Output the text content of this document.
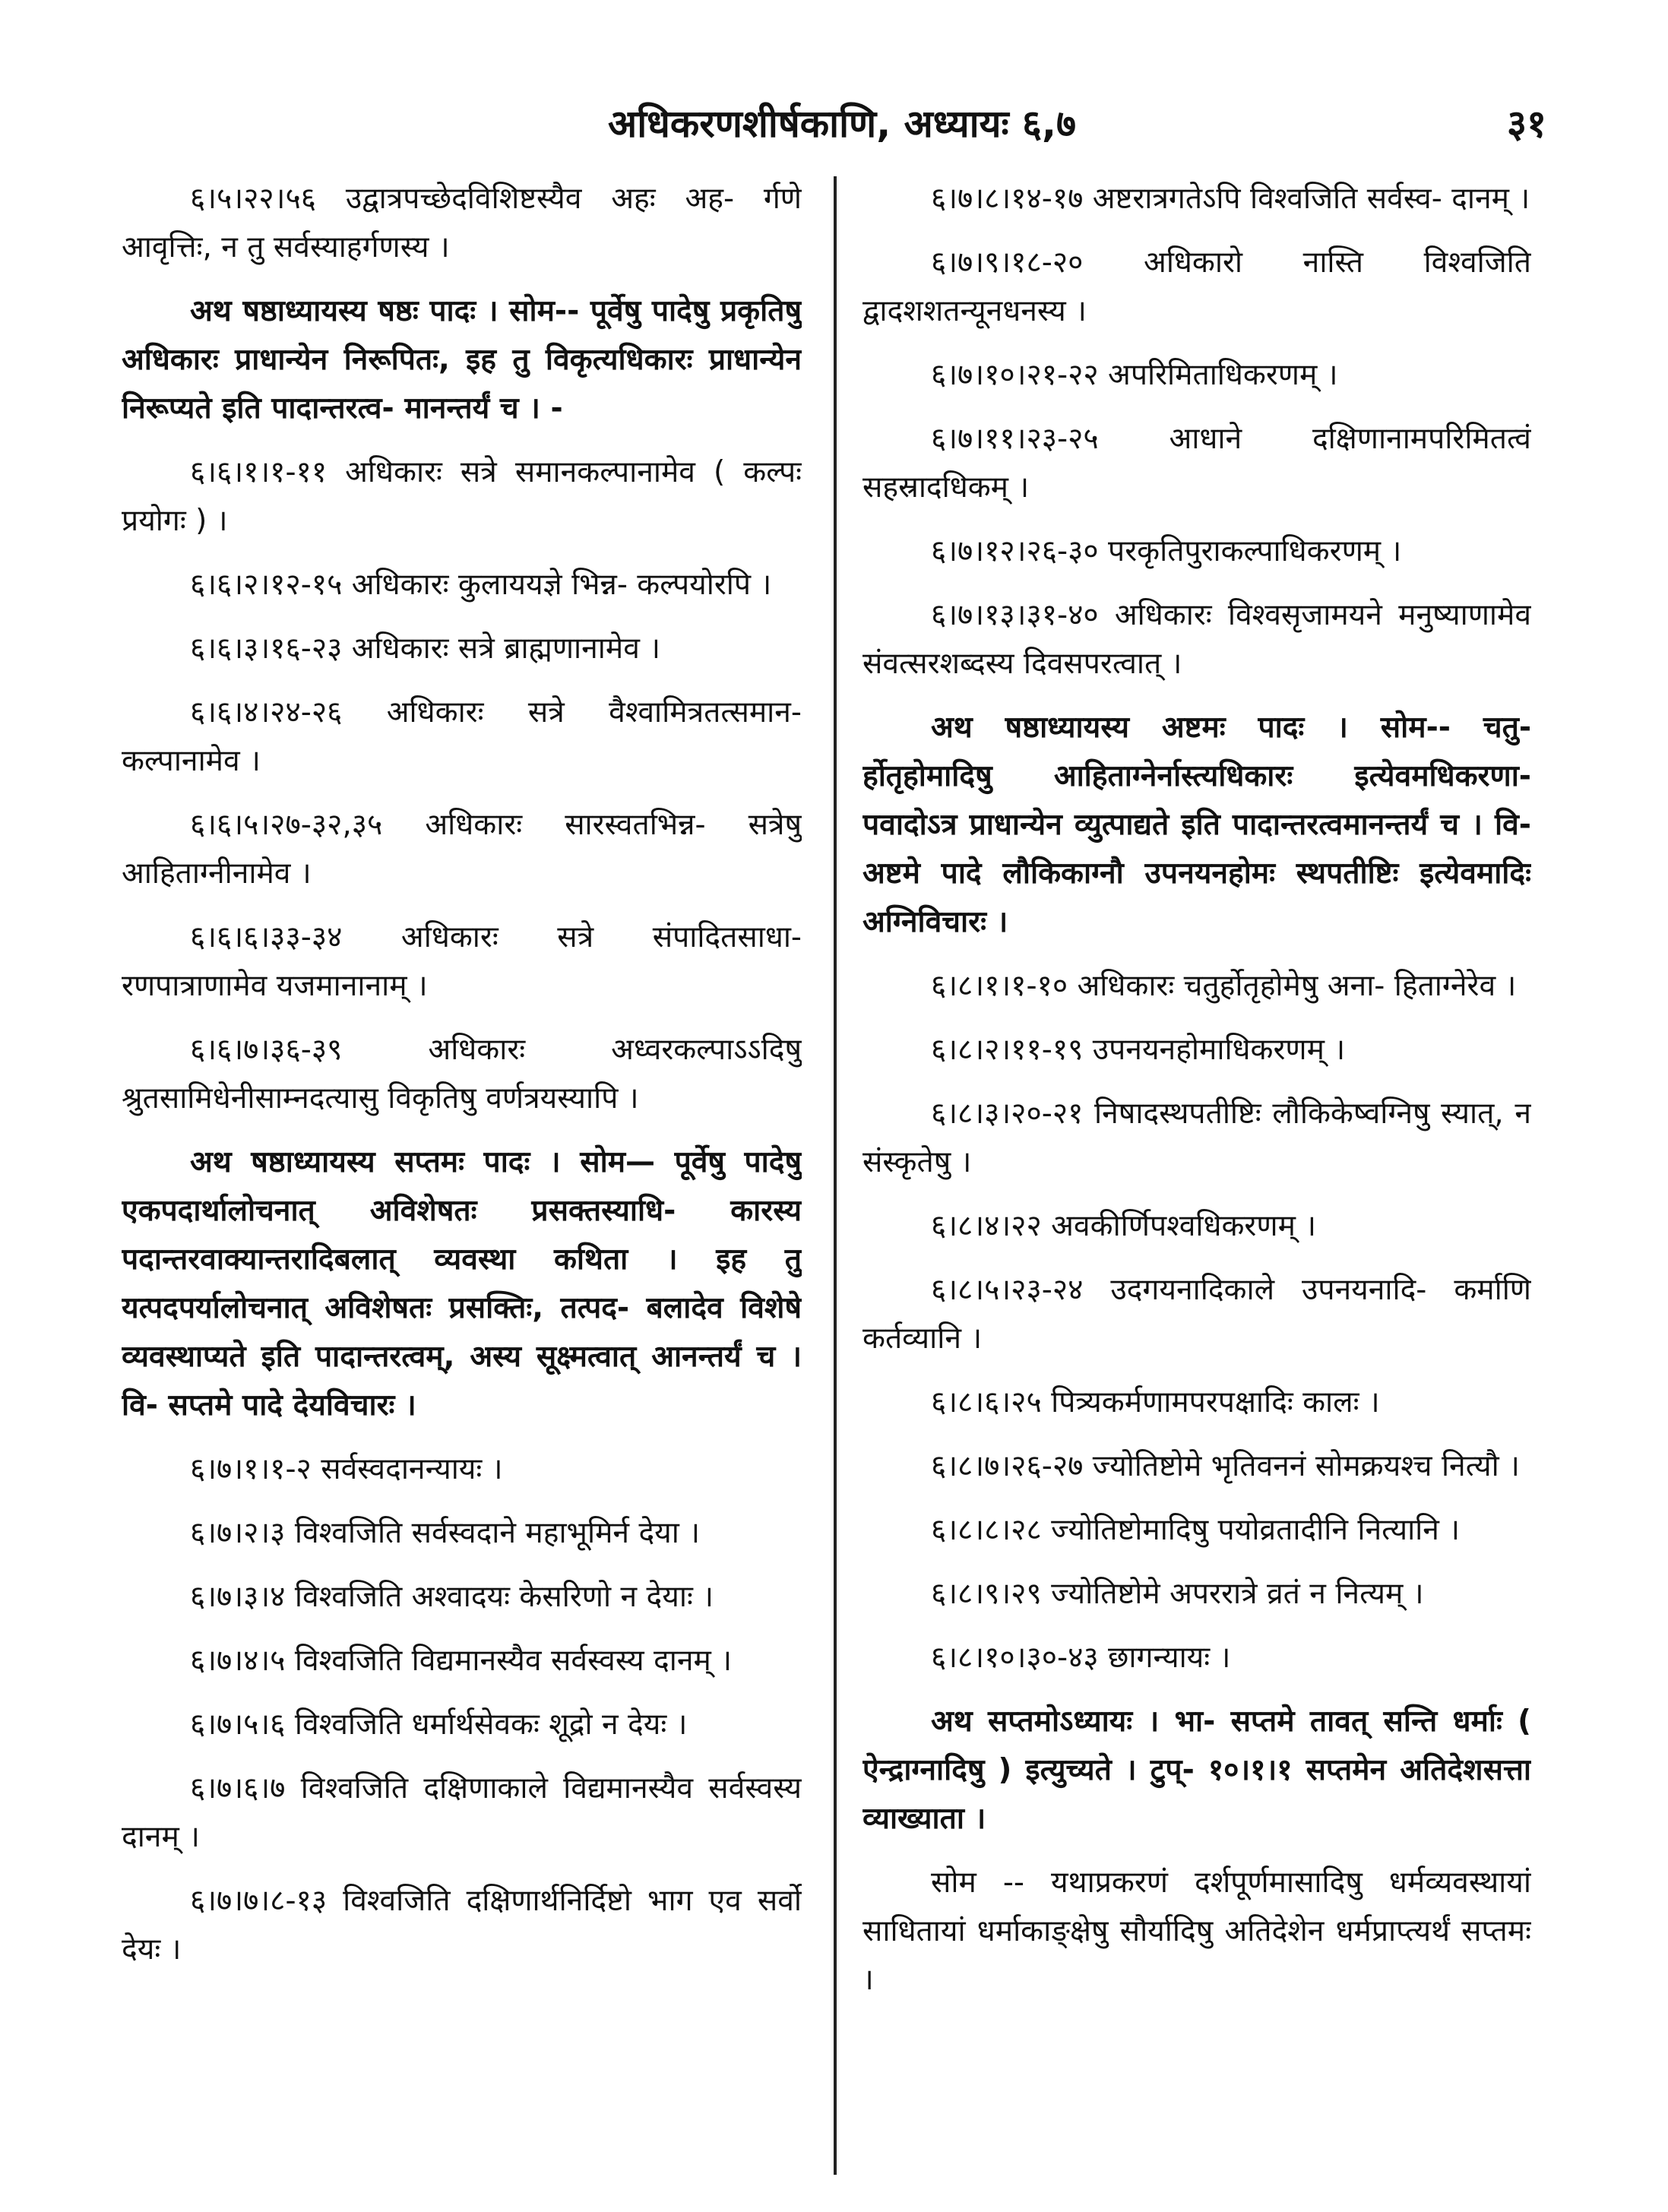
अधिकरणशीर्षकाणि, अध्यायः ६,७	३१

६।५।२२।५६ उद्वात्रपच्छेदविशिष्टस्यैव अहः अह- र्गणे आवृत्तिः, न तु सर्वस्याहर्गणस्य ।

अथ षष्ठाध्यायस्य षष्ठः पादः । सोम-- पूर्वेषु पादेषु प्रकृतिषु अधिकारः प्राधान्येन निरूपितः, इह तु विकृत्यधिकारः प्राधान्येन निरूप्यते इति पादान्तरत्व- मानन्तर्यं च । -

६।६।१।१-११ अधिकारः सत्रे समानकल्पानामेव ( कल्पः प्रयोगः ) ।

६।६।२।१२-१५ अधिकारः कुलाययज्ञे भिन्न- कल्पयोरपि ।

६।६।३।१६-२३ अधिकारः सत्रे ब्राह्मणानामेव ।

६।६।४।२४-२६ अधिकारः सत्रे वैश्वामित्रतत्समान- कल्पानामेव ।

६।६।५।२७-३२,३५ अधिकारः सारस्वतभिन्न- सत्रेषु आहिताग्नीनामेव ।

६।६।६।३३-३४ अधिकारः सत्रे संपादितसाधा- रणपात्राणामेव यजमानानाम् ।

६।६।७।३६-३९ अधिकारः अध्वरकल्पाऽऽदिषु श्रुतसामिधेनीसाम्नदत्यासु विकृतिषु वर्णत्रयस्यापि ।

अथ षष्ठाध्यायस्य सप्तमः पादः । सोम— पूर्वेषु पादेषु एकपदार्थालोचनात् अविशेषतः प्रसक्तस्याधि- कारस्य पदान्तरवाक्यान्तरादिबलात् व्यवस्था कथिता । इह तु यत्पदपर्यालोचनात् अविशेषतः प्रसक्तिः, तत्पद- बलादेव विशेषे व्यवस्थाप्यते इति पादान्तरत्वम्, अस्य सूक्ष्मत्वात् आनन्तर्यं च । वि- सप्तमे पादे देयविचारः ।

६।७।१।१-२ सर्वस्वदानन्यायः ।

६।७।२।३ विश्वजिति सर्वस्वदाने महाभूमिर्न देया ।

६।७।३।४ विश्वजिति अश्वादयः केसरिणो न देयाः ।

६।७।४।५ विश्वजिति विद्यमानस्यैव सर्वस्वस्य दानम् ।

६।७।५।६ विश्वजिति धर्मार्थसेवकः शूद्रो न देयः ।

६।७।६।७ विश्वजिति दक्षिणाकाले विद्यमानस्यैव सर्वस्वस्य दानम् ।

६।७।७।८-१३ विश्वजिति दक्षिणार्थनिर्दिष्टो भाग एव सर्वो देयः ।

६।७।८।१४-१७ अष्टरात्रगतेऽपि विश्वजिति सर्वस्व- दानम् ।

६।७।९।१८-२० अधिकारो नास्ति विश्वजिति द्वादशशतन्यूनधनस्य ।

६।७।१०।२१-२२ अपरिमिताधिकरणम् ।

६।७।११।२३-२५ आधाने दक्षिणानामपरिमितत्वं सहस्रादधिकम् ।

६।७।१२।२६-३० परकृतिपुराकल्पाधिकरणम् ।

६।७।१३।३१-४० अधिकारः विश्वसृजामयने मनुष्याणामेव संवत्सरशब्दस्य दिवसपरत्वात् ।

अथ षष्ठाध्यायस्य अष्टमः पादः । सोम-- चतु- र्होतृहोमादिषु आहिताग्नेर्नास्त्यधिकारः इत्येवमधिकरणा- पवादोऽत्र प्राधान्येन व्युत्पाद्यते इति पादान्तरत्वमानन्तर्यं च । वि- अष्टमे पादे लौकिकाग्नौ उपनयनहोमः स्थपतीष्टिः इत्येवमादिः अग्निविचारः ।

६।८।१।१-१० अधिकारः चतुर्होतृहोमेषु अना- हिताग्नेरेव ।

६।८।२।११-१९ उपनयनहोमाधिकरणम् ।

६।८।३।२०-२१ निषादस्थपतीष्टिः लौकिकेष्वग्निषु स्यात्, न संस्कृतेषु ।

६।८।४।२२ अवकीर्णिपश्वधिकरणम् ।

६।८।५।२३-२४ उदगयनादिकाले उपनयनादि- कर्माणि कर्तव्यानि ।

६।८।६।२५ पित्र्यकर्मणामपरपक्षादिः कालः ।

६।८।७।२६-२७ ज्योतिष्टोमे भृतिवननं सोमक्रयश्च नित्यौ ।

६।८।८।२८ ज्योतिष्टोमादिषु पयोव्रतादीनि नित्यानि ।

६।८।९।२९ ज्योतिष्टोमे अपररात्रे व्रतं न नित्यम् ।

६।८।१०।३०-४३ छागन्यायः ।

अथ सप्तमोऽध्यायः । भा- सप्तमे तावत् सन्ति धर्माः ( ऐन्द्राग्नादिषु ) इत्युच्यते । टुप्- १०।१।१ सप्तमेन अतिदेशसत्ता व्याख्याता ।

सोम -- यथाप्रकरणं दर्शपूर्णमासादिषु धर्मव्यवस्थायां साधितायां धर्माकाङ्क्षेषु सौर्यादिषु अतिदेशेन धर्मप्राप्त्यर्थं सप्तमः ।
